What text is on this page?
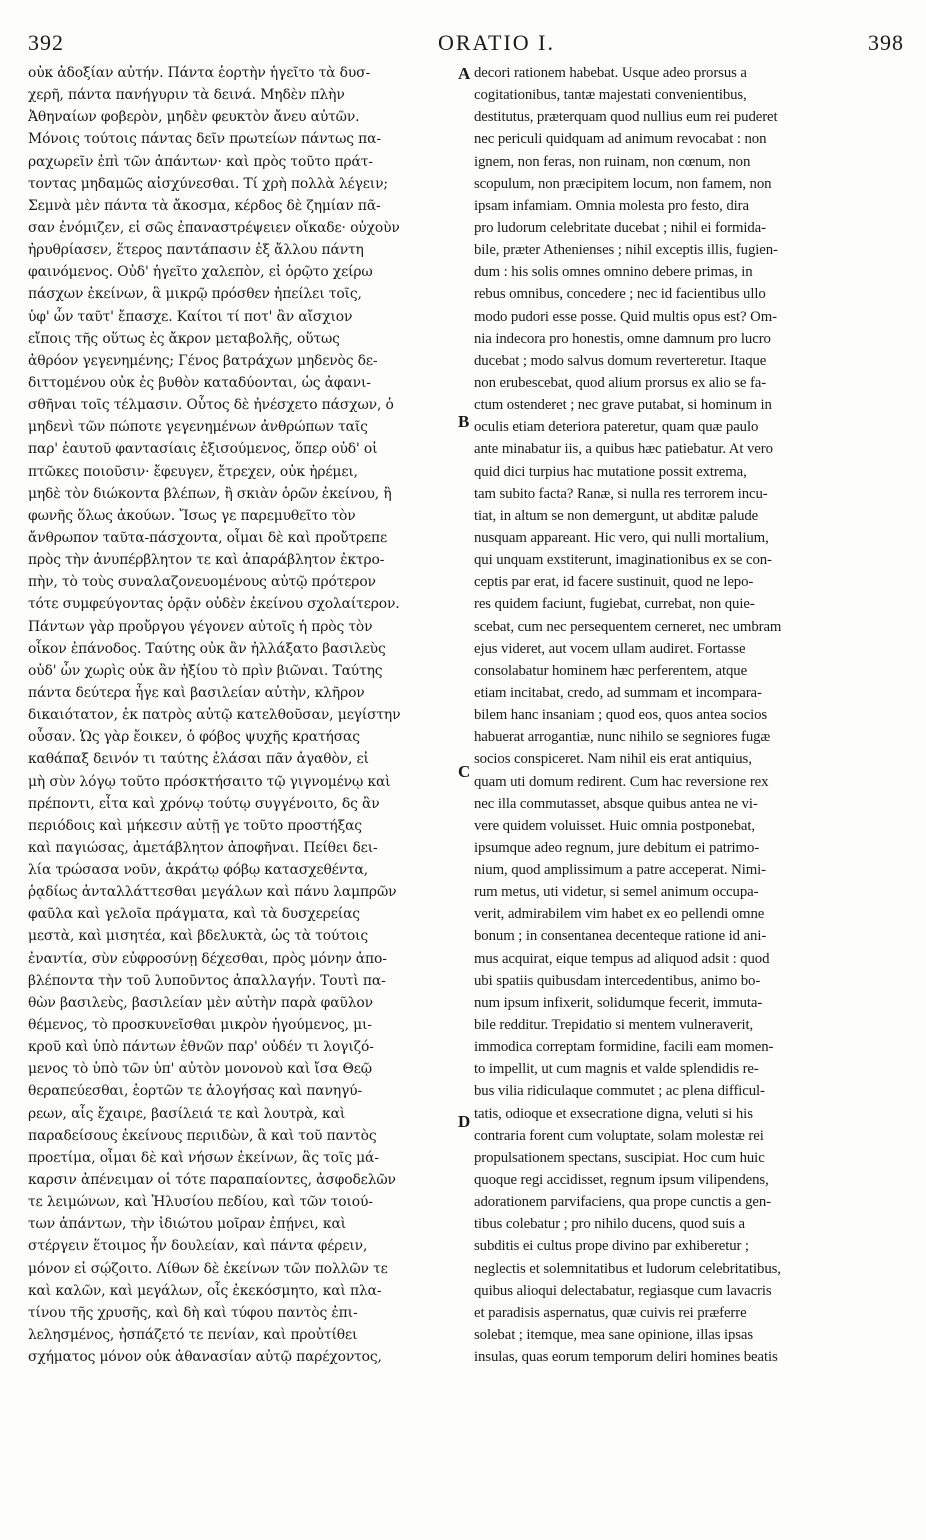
392	ORATIO I.	398
οὐκ ἀδοξίαν αὐτήν. Πάντα ἑορτὴν ἡγεῖτο τὰ δυσ-
χερῆ, πάντα πανήγυριν τὰ δεινά. Μηδὲν πλὴν
Ἀθηναίων φοβερὸν, μηδὲν φευκτὸν ἄνευ αὐτῶν.
Μόνοις τούτοις πάντας δεῖν πρωτείων πάντως πα-
ραχωρεῖν ἐπὶ τῶν ἁπάντων· καὶ πρὸς τοῦτο πράτ-
τοντας μηδαμῶς αἰσχύνεσθαι. Τί χρὴ πολλὰ λέγειν;
Σεμνὰ μὲν πάντα τὰ ἄκοσμα, κέρδος δὲ ζημίαν πᾶ-
σαν ἐνόμιζεν, εἰ σῶς ἐπαναστρέψειεν οἴκαδε· οὐχοὺν
ἠρυθρίασεν, ἕτερος παντάπασιν ἐξ ἄλλου πάντη
φαινόμενος. Οὐδ' ἡγεῖτο χαλεπὸν, εἰ ὁρῷτο χείρω
πάσχων ἐκείνων, ἃ μικρῷ πρόσθεν ἠπείλει τοῖς,
ὑφ' ὧν ταῦτ' ἔπασχε. Καίτοι τί ποτ' ἂν αἴσχιον
εἴποις τῆς οὕτως ἐς ἄκρον μεταβολῆς, οὕτως
ἀθρόον γεγενημένης; Γένος βατράχων μηδενὸς δε-
διττομένου οὐκ ἐς βυθὸν καταδύονται, ὡς ἀφανι-
σθῆναι τοῖς τέλμασιν. Οὗτος δὲ ἠνέσχετο πάσχων, ὁ
μηδενὶ τῶν πώποτε γεγενημένων ἀνθρώπων ταῖς
παρ' ἑαυτοῦ φαντασίαις ἐξισούμενος, ὅπερ οὐδ' οἱ
πτῶκες ποιοῦσιν· ἔφευγεν, ἔτρεχεν, οὐκ ἠρέμει,
μηδὲ τὸν διώκοντα βλέπων, ἢ σκιὰν ὁρῶν ἐκείνου, ἢ
φωνῆς ὅλως ἀκούων. Ἴσως γε παρεμυθεῖτο τὸν
ἄνθρωπον ταῦτα-πάσχοντα, οἶμαι δὲ καὶ προὔτρεπε
πρὸς τὴν ἀνυπέρβλητον τε καὶ ἀπαράβλητον ἐκτρο-
πὴν, τὸ τοὺς συναλαζονευομένους αὐτῷ πρότερον
τότε συμφεύγοντας ὁρᾷν οὐδὲν ἐκείνου σχολαίτερον.
Πάντων γὰρ προὔργου γέγονεν αὐτοῖς ἡ πρὸς τὸν
οἶκον ἐπάνοδος. Ταύτης οὐκ ἂν ἠλλάξατο βασιλεὺς
οὐδ' ὧν χωρὶς οὐκ ἂν ἠξίου τὸ πρὶν βιῶναι. Ταύτης
πάντα δεύτερα ἦγε καὶ βασιλείαν αὐτὴν, κλῆρον
δικαιότατον, ἐκ πατρὸς αὐτῷ κατελθοῦσαν, μεγίστην
οὖσαν. Ὡς γὰρ ἔοικεν, ὁ φόβος ψυχῆς κρατήσας
καθάπαξ δεινόν τι ταύτης ἐλάσαι πᾶν ἀγαθὸν, εἰ
μὴ σὺν λόγῳ τοῦτο πρόσκτήσαιτο τῷ γιγνομένῳ καὶ
πρέποντι, εἶτα καὶ χρόνῳ τούτῳ συγγένοιτο, δς ἂν
περιόδοις καὶ μήκεσιν αὐτῇ γε τοῦτο προστήξας
καὶ παγιώσας, ἀμετάβλητον ἀποφῆναι. Πείθει δει-
λία τρώσασα νοῦν, ἀκράτῳ φόβῳ κατασχεθέντα,
ῥᾳδίως ἀνταλλάττεσθαι μεγάλων καὶ πάνυ λαμπρῶν
φαῦλα καὶ γελοῖα πράγματα, καὶ τὰ δυσχερείας
μεστὰ, καὶ μισητέα, καὶ βδελυκτὰ, ὡς τὰ τούτοις
ἐναντία, σὺν εὐφροσύνῃ δέχεσθαι, πρὸς μόνην ἀπο-
βλέποντα τὴν τοῦ λυποῦντος ἀπαλλαγήν. Τουτὶ πα-
θὼν βασιλεὺς, βασιλείαν μὲν αὐτὴν παρὰ φαῦλον
θέμενος, τὸ προσκυνεῖσθαι μικρὸν ἡγούμενος, μι-
κροῦ καὶ ὑπὸ πάντων ἐθνῶν παρ' οὐδέν τι λογιζό-
μενος τὸ ὑπὸ τῶν ὑπ' αὐτὸν μονονοὺ καὶ ἴσα Θεῷ
θεραπεύεσθαι, ἑορτῶν τε ἀλογήσας καὶ πανηγύ-
ρεων, αἷς ἔχαιρε, βασίλειά τε καὶ λουτρὰ, καὶ
παραδείσους ἐκείνους περιιδὼν, ἃ καὶ τοῦ παντὸς
προετίμα, οἶμαι δὲ καὶ νήσων ἐκείνων, ἃς τοῖς μά-
καρσιν ἀπένειμαν οἱ τότε παραπαίοντες, ἀσφοδελῶν
τε λειμώνων, καὶ Ἠλυσίου πεδίου, καὶ τῶν τοιού-
των ἁπάντων, τὴν ἰδιώτου μοῖραν ἐπῄνει, καὶ
στέργειν ἕτοιμος ἦν δουλείαν, καὶ πάντα φέρειν,
μόνον εἰ σῴζοιτο. Λίθων δὲ ἐκείνων τῶν πολλῶν τε
καὶ καλῶν, καὶ μεγάλων, οἷς ἐκεκόσμητο, καὶ πλα-
τίνου τῆς χρυσῆς, καὶ δὴ καὶ τύφου παντὸς ἐπι-
λελησμένος, ἠσπάζετό τε πενίαν, καὶ προὐτίθει
σχήματος μόνον οὐκ ἀθανασίαν αὐτῷ παρέχοντος,
A
B
C
D
decori rationem habebat. Usque adeo prorsus a
cogitationibus, tantæ majestati convenientibus,
destitutus, præterquam quod nullius eum rei puderet
nec periculi quidquam ad animum revocabat : non
ignem, non feras, non ruinam, non cœnum, non
scopulum, non præcipitem locum, non famem, non
ipsam infamiam. Omnia molesta pro festo, dira
pro ludorum celebritate ducebat ; nihil ei formida-
bile, præter Athenienses ; nihil exceptis illis, fugien-
dum : his solis omnes omnino debere primas, in
rebus omnibus, concedere ; nec id facientibus ullo
modo pudori esse posse. Quid multis opus est? Om-
nia indecora pro honestis, omne damnum pro lucro
ducebat ; modo salvus domum reverteretur. Itaque
non erubescebat, quod alium prorsus ex alio se fa-
ctum ostenderet ; nec grave putabat, si hominum in
oculis etiam deteriora pateretur, quam quæ paulo
ante minabatur iis, a quibus hæc patiebatur. At vero
quid dici turpius hac mutatione possit extrema,
tam subito facta? Ranæ, si nulla res terrorem incu-
tiat, in altum se non demergunt, ut abditæ palude
nusquam appareant. Hic vero, qui nulli mortalium,
qui unquam exstiterunt, imaginationibus ex se con-
ceptis par erat, id facere sustinuit, quod ne lepo-
res quidem faciunt, fugiebat, currebat, non quie-
scebat, cum nec persequentem cerneret, nec umbram
ejus videret, aut vocem ullam audiret. Fortasse
consolabatur hominem hæc perferentem, atque
etiam incitabat, credo, ad summam et incompara-
bilem hanc insaniam ; quod eos, quos antea socios
habuerat arrogantiæ, nunc nihilo se segniores fugæ
socios conspiceret. Nam nihil eis erat antiquius,
quam uti domum redirent. Cum hac reversione rex
nec illa commutasset, absque quibus antea ne vi-
vere quidem voluisset. Huic omnia postponebat,
ipsumque adeo regnum, jure debitum ei patrimo-
nium, quod amplissimum a patre acceperat. Nimi-
rum metus, uti videtur, si semel animum occupa-
verit, admirabilem vim habet ex eo pellendi omne
bonum ; in consentanea decenteque ratione id ani-
mus acquirat, eique tempus ad aliquod adsit : quod
ubi spatiis quibusdam intercedentibus, animo bo-
num ipsum infixerit, solidumque fecerit, immuta-
bile redditur. Trepidatio si mentem vulneraverit,
immodica correptam formidine, facili eam momen-
to impellit, ut cum magnis et valde splendidis re-
bus vilia ridiculaque commutet ; ac plena difficul-
tatis, odioque et exsecratione digna, veluti si his
contraria forent cum voluptate, solam molestæ rei
propulsationem spectans, suscipiat. Hoc cum huic
quoque regi accidisset, regnum ipsum vilipendens,
adorationem parvifaciens, qua prope cunctis a gen-
tibus colebatur ; pro nihilo ducens, quod suis a
subditis ei cultus prope divino par exhiberetur ;
neglectis et solemnitatibus et ludorum celebritatibus,
quibus alioqui delectabatur, regiasque cum lavacris
et paradisis aspernatus, quæ cuivis rei præferre
solebat ; itemque, mea sane opinione, illas ipsas
insulas, quas eorum temporum deliri homines beatis
